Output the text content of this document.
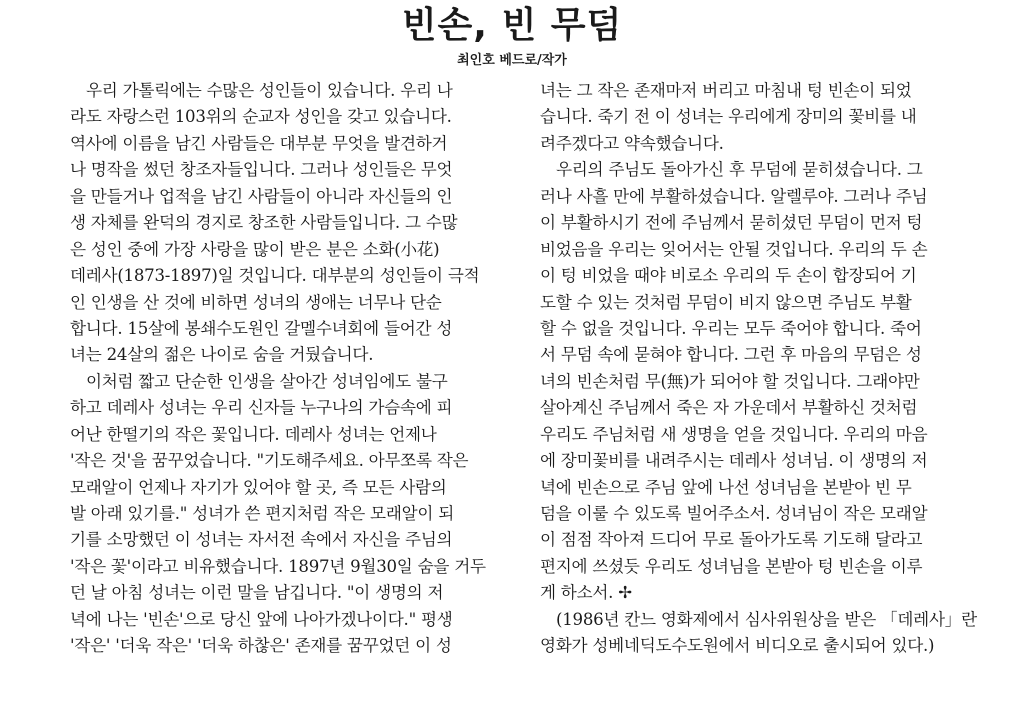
빈손, 빈 무덤
최인호 베드로/작가
우리 가톨릭에는 수많은 성인들이 있습니다. 우리 나
라도 자랑스런 103위의 순교자 성인을 갖고 있습니다.
역사에 이름을 남긴 사람들은 대부분 무엇을 발견하거
나 명작을 썼던 창조자들입니다. 그러나 성인들은 무엇
을 만들거나 업적을 남긴 사람들이 아니라 자신들의 인
생 자체를 완덕의 경지로 창조한 사람들입니다. 그 수많
은 성인 중에 가장 사랑을 많이 받은 분은 소화(小花)
데레사(1873-1897)일 것입니다. 대부분의 성인들이 극적
인 인생을 산 것에 비하면 성녀의 생애는 너무나 단순
합니다. 15살에 봉쇄수도원인 갈멜수녀회에 들어간 성
녀는 24살의 젊은 나이로 숨을 거뒀습니다.
이처럼 짧고 단순한 인생을 살아간 성녀임에도 불구
하고 데레사 성녀는 우리 신자들 누구나의 가슴속에 피
어난 한떨기의 작은 꽃입니다. 데레사 성녀는 언제나
'작은 것'을 꿈꾸었습니다. "기도해주세요. 아무쪼록 작은
모래알이 언제나 자기가 있어야 할 곳, 즉 모든 사람의
발 아래 있기를." 성녀가 쓴 편지처럼 작은 모래알이 되
기를 소망했던 이 성녀는 자서전 속에서 자신을 주님의
'작은 꽃'이라고 비유했습니다. 1897년 9월30일 숨을 거두
던 날 아침 성녀는 이런 말을 남깁니다. "이 생명의 저
녁에 나는 '빈손'으로 당신 앞에 나아가겠나이다." 평생
'작은' '더욱 작은' '더욱 하찮은' 존재를 꿈꾸었던 이 성
녀는 그 작은 존재마저 버리고 마침내 텅 빈손이 되었
습니다. 죽기 전 이 성녀는 우리에게 장미의 꽃비를 내
려주겠다고 약속했습니다.
우리의 주님도 돌아가신 후 무덤에 묻히셨습니다. 그
러나 사흘 만에 부활하셨습니다. 알렐루야. 그러나 주님
이 부활하시기 전에 주님께서 묻히셨던 무덤이 먼저 텅
비었음을 우리는 잊어서는 안될 것입니다. 우리의 두 손
이 텅 비었을 때야 비로소 우리의 두 손이 합장되어 기
도할 수 있는 것처럼 무덤이 비지 않으면 주님도 부활
할 수 없을 것입니다. 우리는 모두 죽어야 합니다. 죽어
서 무덤 속에 묻혀야 합니다. 그런 후 마음의 무덤은 성
녀의 빈손처럼 무(無)가 되어야 할 것입니다. 그래야만
살아계신 주님께서 죽은 자 가운데서 부활하신 것처럼
우리도 주님처럼 새 생명을 얻을 것입니다. 우리의 마음
에 장미꽃비를 내려주시는 데레사 성녀님. 이 생명의 저
녁에 빈손으로 주님 앞에 나선 성녀님을 본받아 빈 무
덤을 이룰 수 있도록 빌어주소서. 성녀님이 작은 모래알
이 점점 작아져 드디어 무로 돌아가도록 기도해 달라고
편지에 쓰셨듯 우리도 성녀님을 본받아 텅 빈손을 이루
게 하소서. ✢
(1986년 칸느 영화제에서 심사위원상을 받은 「데레사」란
영화가 성베네딕도수도원에서 비디오로 출시되어 있다.)
